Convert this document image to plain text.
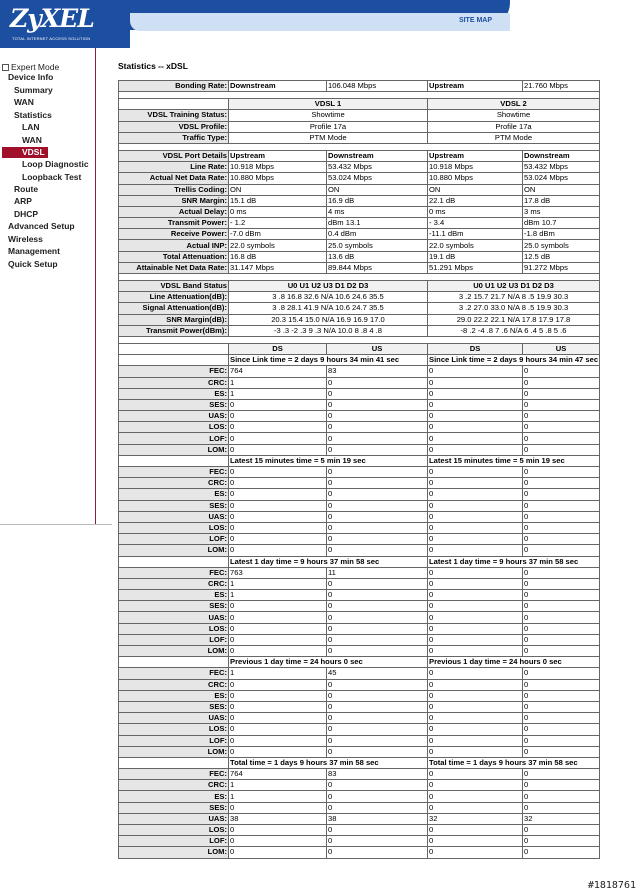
ZyXEL
TOTAL INTERNET ACCESS SOLUTION
SITE MAP
Expert Mode
Device Info
Summary
WAN
Statistics
LAN
WAN
VDSL
Loop Diagnostic
Loopback Test
Route
ARP
DHCP
Advanced Setup
Wireless
Management
Quick Setup
Statistics -- xDSL
Bonding Rate:	Downstream	106.048 Mbps	Upstream	21.760 Mbps

	VDSL 1		VDSL 2	
VDSL Training Status:	Showtime		Showtime	
VDSL Profile:	Profile 17a		Profile 17a	
Traffic Type:	PTM Mode		PTM Mode	

VDSL Port Details	Upstream	Downstream	Upstream	Downstream
Line Rate:	10.918 Mbps	53.432 Mbps	10.918 Mbps	53.432 Mbps
Actual Net Data Rate:	10.880 Mbps	53.024 Mbps	10.880 Mbps	53.024 Mbps
Trellis Coding:	ON	ON	ON	ON
SNR Margin:	15.1 dB	16.9 dB	22.1 dB	17.8 dB
Actual Delay:	0 ms	4 ms	0 ms	3 ms
Transmit Power:	- 1.2	dBm 13.1	- 3.4	dBm 10.7
Receive Power:	-7.0 dBm	0.4 dBm	-11.1 dBm	-1.8 dBm
Actual INP:	22.0 symbols	25.0 symbols	22.0 symbols	25.0 symbols
Total Attenuation:	16.8 dB	13.6 dB	19.1 dB	12.5 dB
Attainable Net Data Rate:	31.147 Mbps	89.844 Mbps	51.291 Mbps	91.272 Mbps

VDSL Band Status	U0 U1 U2 U3 D1 D2 D3		U0 U1 U2 U3 D1 D2 D3	
Line Attenuation(dB):	3 .8 16.8 32.6 N/A 10.6 24.6 35.5		3 .2 15.7 21.7 N/A 8 .5 19.9 30.3	
Signal Attenuation(dB):	3 .8 28.1 41.9 N/A 10.6 24.7 35.5		3 .2 27.0 33.0 N/A 8 .5 19.9 30.3	
SNR Margin(dB):	20.3 15.4 15.0 N/A 16.9 16.9 17.0		29.0 22.2 22.1 N/A 17.8 17.9 17.8	
Transmit Power(dBm):	-3 .3 -2 .3 9 .3 N/A 10.0 8 .8 4 .8		-8 .2 -4 .8 7 .6 N/A 6 .4 5 .8 5 .6	

	DS	US	DS	US
	Since Link time = 2 days 9 hours 34 min 41 sec		Since Link time = 2 days 9 hours 34 min 47 sec	
FEC:	764	83	0	0
CRC:	1	0	0	0
ES:	1	0	0	0
SES:	0	0	0	0
UAS:	0	0	0	0
LOS:	0	0	0	0
LOF:	0	0	0	0
LOM:	0	0	0	0
	Latest 15 minutes time = 5 min 19 sec		Latest 15 minutes time = 5 min 19 sec	
FEC:	0	0	0	0
CRC:	0	0	0	0
ES:	0	0	0	0
SES:	0	0	0	0
UAS:	0	0	0	0
LOS:	0	0	0	0
LOF:	0	0	0	0
LOM:	0	0	0	0
	Latest 1 day time = 9 hours 37 min 58 sec		Latest 1 day time = 9 hours 37 min 58 sec	
FEC:	763	11	0	0
CRC:	1	0	0	0
ES:	1	0	0	0
SES:	0	0	0	0
UAS:	0	0	0	0
LOS:	0	0	0	0
LOF:	0	0	0	0
LOM:	0	0	0	0
	Previous 1 day time = 24 hours 0 sec		Previous 1 day time = 24 hours 0 sec	
FEC:	1	45	0	0
CRC:	0	0	0	0
ES:	0	0	0	0
SES:	0	0	0	0
UAS:	0	0	0	0
LOS:	0	0	0	0
LOF:	0	0	0	0
LOM:	0	0	0	0
	Total time = 1 days 9 hours 37 min 58 sec		Total time = 1 days 9 hours 37 min 58 sec	
FEC:	764	83	0	0
CRC:	1	0	0	0
ES:	1	0	0	0
SES:	0	0	0	0
UAS:	38	38	32	32
LOS:	0	0	0	0
LOF:	0	0	0	0
LOM:	0	0	0	0
#1818761
